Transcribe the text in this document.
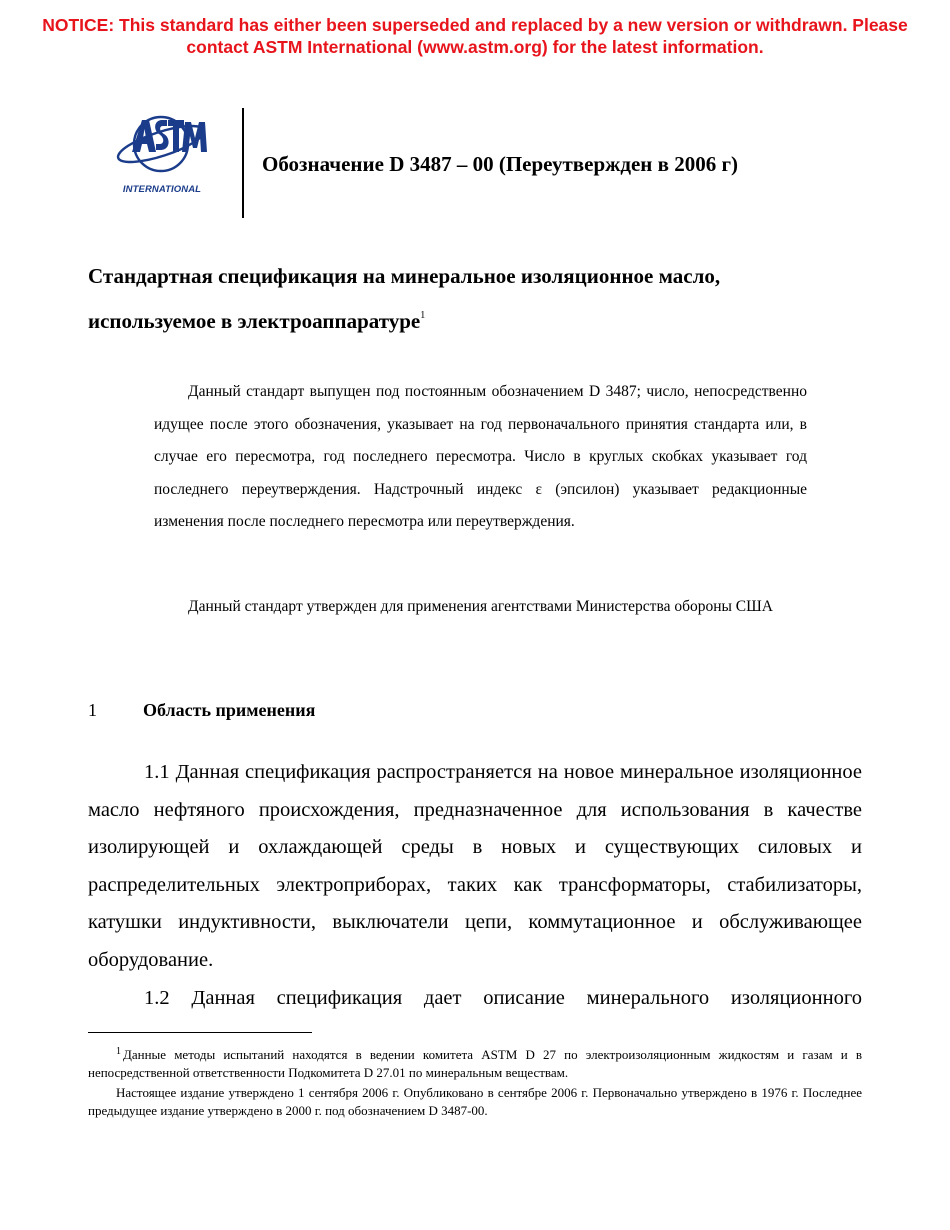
NOTICE: This standard has either been superseded and replaced by a new version or withdrawn. Please
contact ASTM International (www.astm.org) for the latest information.
INTERNATIONAL
Обозначение D 3487 – 00 (Переутвержден в 2006 г)
Стандартная спецификация на минеральное изоляционное масло,
используемое в электроаппаратуре$^1$

Данный стандарт выпущен под постоянным обозначением D 3487; число, непосредственно идущее после этого обозначения, указывает на год первоначального принятия стандарта или, в случае его пересмотра, год последнего пересмотра. Число в круглых скобках указывает год последнего переутверждения. Надстрочный индекс ε (эпсилон) указывает редакционные изменения после последнего пересмотра или переутверждения.

Данный стандарт утвержден для применения агентствами Министерства обороны США

1	Область применения

1.1 Данная спецификация распространяется на новое минеральное изоляционное масло нефтяного происхождения, предназначенное для использования в качестве изолирующей и охлаждающей среды в новых и существующих силовых и распределительных электроприборах, таких как трансформаторы, стабилизаторы, катушки индуктивности, выключатели цепи, коммутационное и обслуживающее оборудование.

1.2 Данная спецификация дает описание минерального изоляционного

$^1$ Данные методы испытаний находятся в ведении комитета ASTM D 27 по электроизоляционным жидкостям и газам и в непосредственной ответственности Подкомитета D 27.01 по минеральным веществам.

Настоящее издание утверждено 1 сентября 2006 г. Опубликовано в сентябре 2006 г. Первоначально утверждено в 1976 г. Последнее предыдущее издание утверждено в 2000 г. под обозначением D 3487-00.
